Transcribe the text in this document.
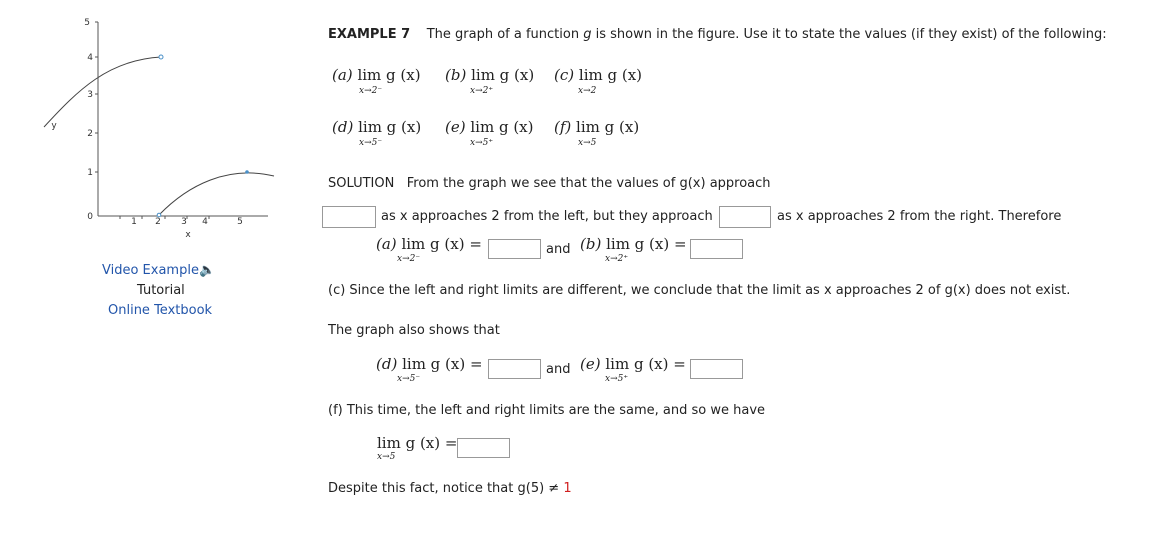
5
4
3
2
1
0	1 2 3 4	5
y
x
Video Example🔈
Tutorial
Online Textbook
EXAMPLE 7 The graph of a function g is shown in the figure. Use it to state the values (if they exist) of the following:
(a) lim g (x)
x→2⁻
(b) lim g (x)
x→2⁺
(c) lim g (x)
x→2
(d) lim g (x)
x→5⁻
(e) lim g (x)
x→5⁺
(f) lim g (x)
x→5
SOLUTION From the graph we see that the values of g(x) approach
as x approaches 2 from the left, but they approach	as x approaches 2 from the right. Therefore
(a) lim g (x) =
x→2⁻
and (b) lim g (x) =
x→2⁺
(c) Since the left and right limits are different, we conclude that the limit as x approaches 2 of g(x) does not exist.
The graph also shows that
(d) lim g (x) =
x→5⁻
and (e) lim g (x) =
x→5⁺
(f) This time, the left and right limits are the same, and so we have
lim g (x) =
x→5
Despite this fact, notice that g(5) ≠ 1
